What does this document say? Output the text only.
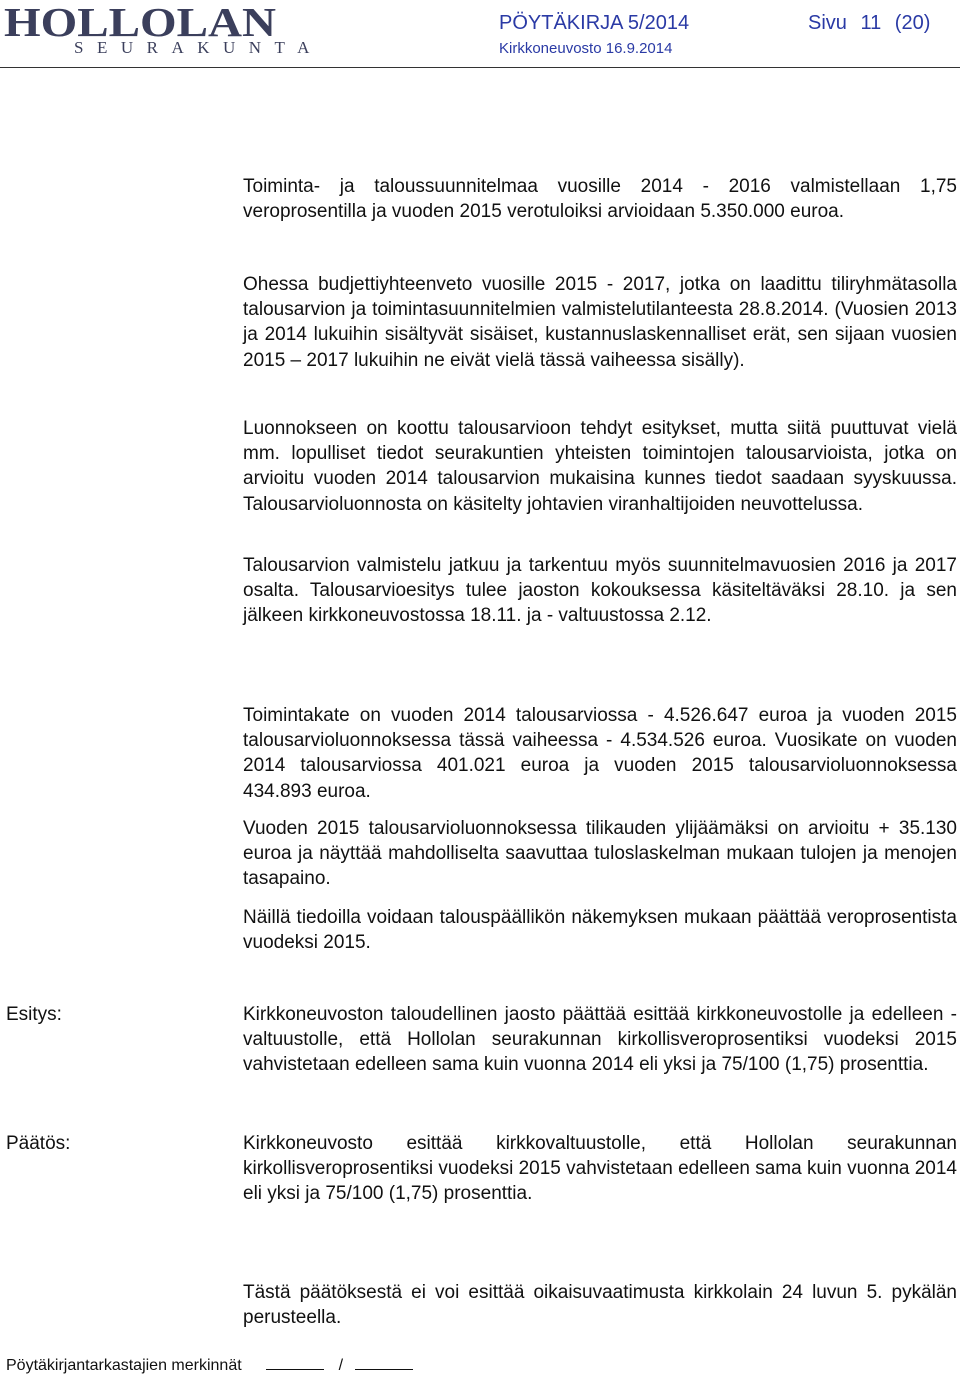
HOLLOLAN
SEURAKUNTA
PÖYTÄKIRJA 5/2014	Sivu 11 (20)
Kirkkoneuvosto 16.9.2014

Toiminta- ja taloussuunnitelmaa vuosille 2014 - 2016 valmistellaan 1,75 veroprosentilla ja vuoden 2015 verotuloiksi arvioidaan 5.350.000 euroa.

Ohessa budjettiyhteenveto vuosille 2015 - 2017, jotka on laadittu tiliryhmätasolla talousarvion ja toimintasuunnitelmien valmistelutilanteesta 28.8.2014. (Vuosien 2013 ja 2014 lukuihin sisältyvät sisäiset, kustannuslaskennalliset erät, sen sijaan vuosien 2015 – 2017 lukuihin ne eivät vielä tässä vaiheessa sisälly).

Luonnokseen on koottu talousarvioon tehdyt esitykset, mutta siitä puuttuvat vielä mm. lopulliset tiedot seurakuntien yhteisten toimintojen talousarvioista, jotka on arvioitu vuoden 2014 talousarvion mukaisina kunnes tiedot saadaan syyskuussa. Talousarvioluonnosta on käsitelty johtavien viranhaltijoiden neuvottelussa.

Talousarvion valmistelu jatkuu ja tarkentuu myös suunnitelmavuosien 2016 ja 2017 osalta. Talousarvioesitys tulee jaoston kokouksessa käsiteltäväksi 28.10. ja sen jälkeen kirkkoneuvostossa 18.11. ja - valtuustossa 2.12.

Toimintakate on vuoden 2014 talousarviossa - 4.526.647 euroa ja vuoden 2015 talousarvioluonnoksessa tässä vaiheessa - 4.534.526 euroa. Vuosikate on vuoden 2014 talousarviossa 401.021 euroa ja vuoden 2015 talousarvioluonnoksessa 434.893 euroa.

Vuoden 2015 talousarvioluonnoksessa tilikauden ylijäämäksi on arvioitu + 35.130 euroa ja näyttää mahdolliselta saavuttaa tuloslaskelman mukaan tulojen ja menojen tasapaino.

Näillä tiedoilla voidaan talouspäällikön näkemyksen mukaan päättää veroprosentista vuodeksi 2015.

Esitys:	Kirkkoneuvoston taloudellinen jaosto päättää esittää kirkkoneuvostolle ja edelleen -valtuustolle, että Hollolan seurakunnan kirkollisveroprosentiksi vuodeksi 2015 vahvistetaan edelleen sama kuin vuonna 2014 eli yksi ja 75/100 (1,75) prosenttia.

Päätös:	Kirkkoneuvosto esittää kirkkovaltuustolle, että Hollolan seurakunnan kirkollisveroprosentiksi vuodeksi 2015 vahvistetaan edelleen sama kuin vuonna 2014 eli yksi ja 75/100 (1,75) prosenttia.

Tästä päätöksestä ei voi esittää oikaisuvaatimusta kirkkolain 24 luvun 5. pykälän perusteella.

Pöytäkirjantarkastajien merkinnät	/
